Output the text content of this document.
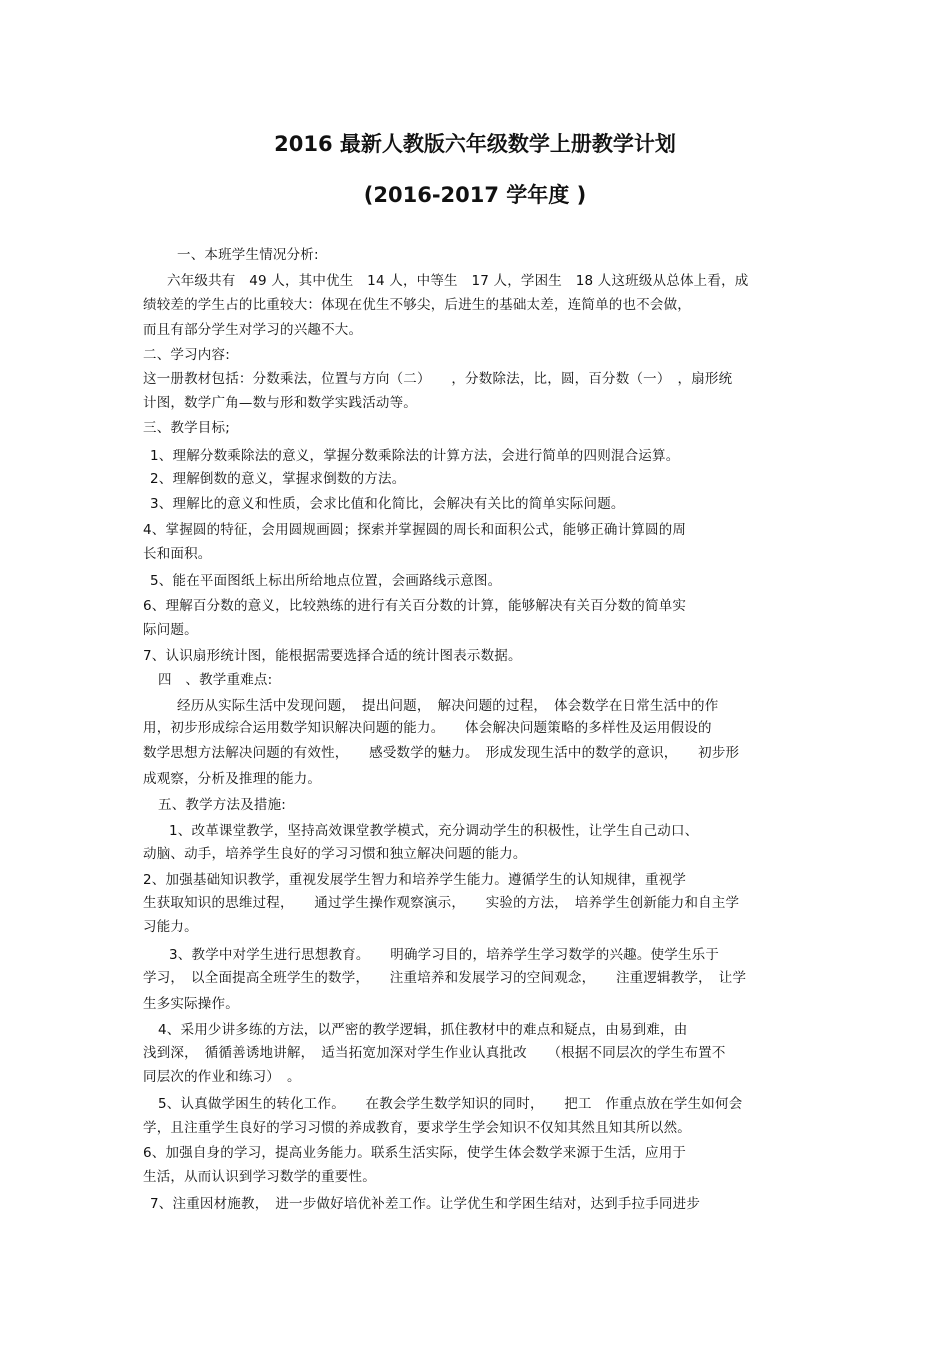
2016 最新人教版六年级数学上册教学计划
(2016-2017 学年度 )
一、本班学生情况分析:
六年级共有　49 人，其中优生　14 人，中等生　17 人，学困生　18 人这班级从总体上看，成
绩较差的学生占的比重较大：体现在优生不够尖，后进生的基础太差，连简单的也不会做，
而且有部分学生对学习的兴趣不大。
二、学习内容:
这一册教材包括：分数乘法，位置与方向（二）　　，分数除法，比，圆，百分数（一）　，扇形统
计图，数学广角—数与形和数学实践活动等。
三、教学目标;
1、理解分数乘除法的意义，掌握分数乘除法的计算方法，会进行简单的四则混合运算。
2、理解倒数的意义，掌握求倒数的方法。
3、理解比的意义和性质，会求比值和化简比，会解决有关比的简单实际问题。
4、掌握圆的特征，会用圆规画圆；探索并掌握圆的周长和面积公式，能够正确计算圆的周
长和面积。
5、能在平面图纸上标出所给地点位置，会画路线示意图。
6、理解百分数的意义，比较熟练的进行有关百分数的计算，能够解决有关百分数的简单实
际问题。
7、认识扇形统计图，能根据需要选择合适的统计图表示数据。
四　、教学重难点:
经历从实际生活中发现问题，　提出问题，　解决问题的过程，　体会数学在日常生活中的作
用，初步形成综合运用数学知识解决问题的能力。　　体会解决问题策略的多样性及运用假设的
数学思想方法解决问题的有效性，　　感受数学的魅力。　形成发现生活中的数学的意识，　　初步形
成观察，分析及推理的能力。
五、教学方法及措施:
1、改革课堂教学，坚持高效课堂教学模式，充分调动学生的积极性，让学生自己动口、
动脑、动手，培养学生良好的学习习惯和独立解决问题的能力。
2、加强基础知识教学，重视发展学生智力和培养学生能力。遵循学生的认知规律，重视学
生获取知识的思维过程，　　通过学生操作观察演示，　　实验的方法，　培养学生创新能力和自主学
习能力。
3、教学中对学生进行思想教育。　　明确学习目的，培养学生学习数学的兴趣。使学生乐于
学习，　以全面提高全班学生的数学，　　注重培养和发展学习的空间观念，　　注重逻辑教学，　让学
生多实际操作。
4、采用少讲多练的方法，以严密的教学逻辑，抓住教材中的难点和疑点，由易到难，由
浅到深，　循循善诱地讲解，　适当拓宽加深对学生作业认真批改　　（根据不同层次的学生布置不
同层次的作业和练习）　。
5、认真做学困生的转化工作。　　在教会学生数学知识的同时，　　把工　作重点放在学生如何会
学，且注重学生良好的学习习惯的养成教育，要求学生学会知识不仅知其然且知其所以然。
6、加强自身的学习，提高业务能力。联系生活实际，使学生体会数学来源于生活，应用于
生活，从而认识到学习数学的重要性。
7、注重因材施教，　进一步做好培优补差工作。让学优生和学困生结对，达到手拉手同进步
